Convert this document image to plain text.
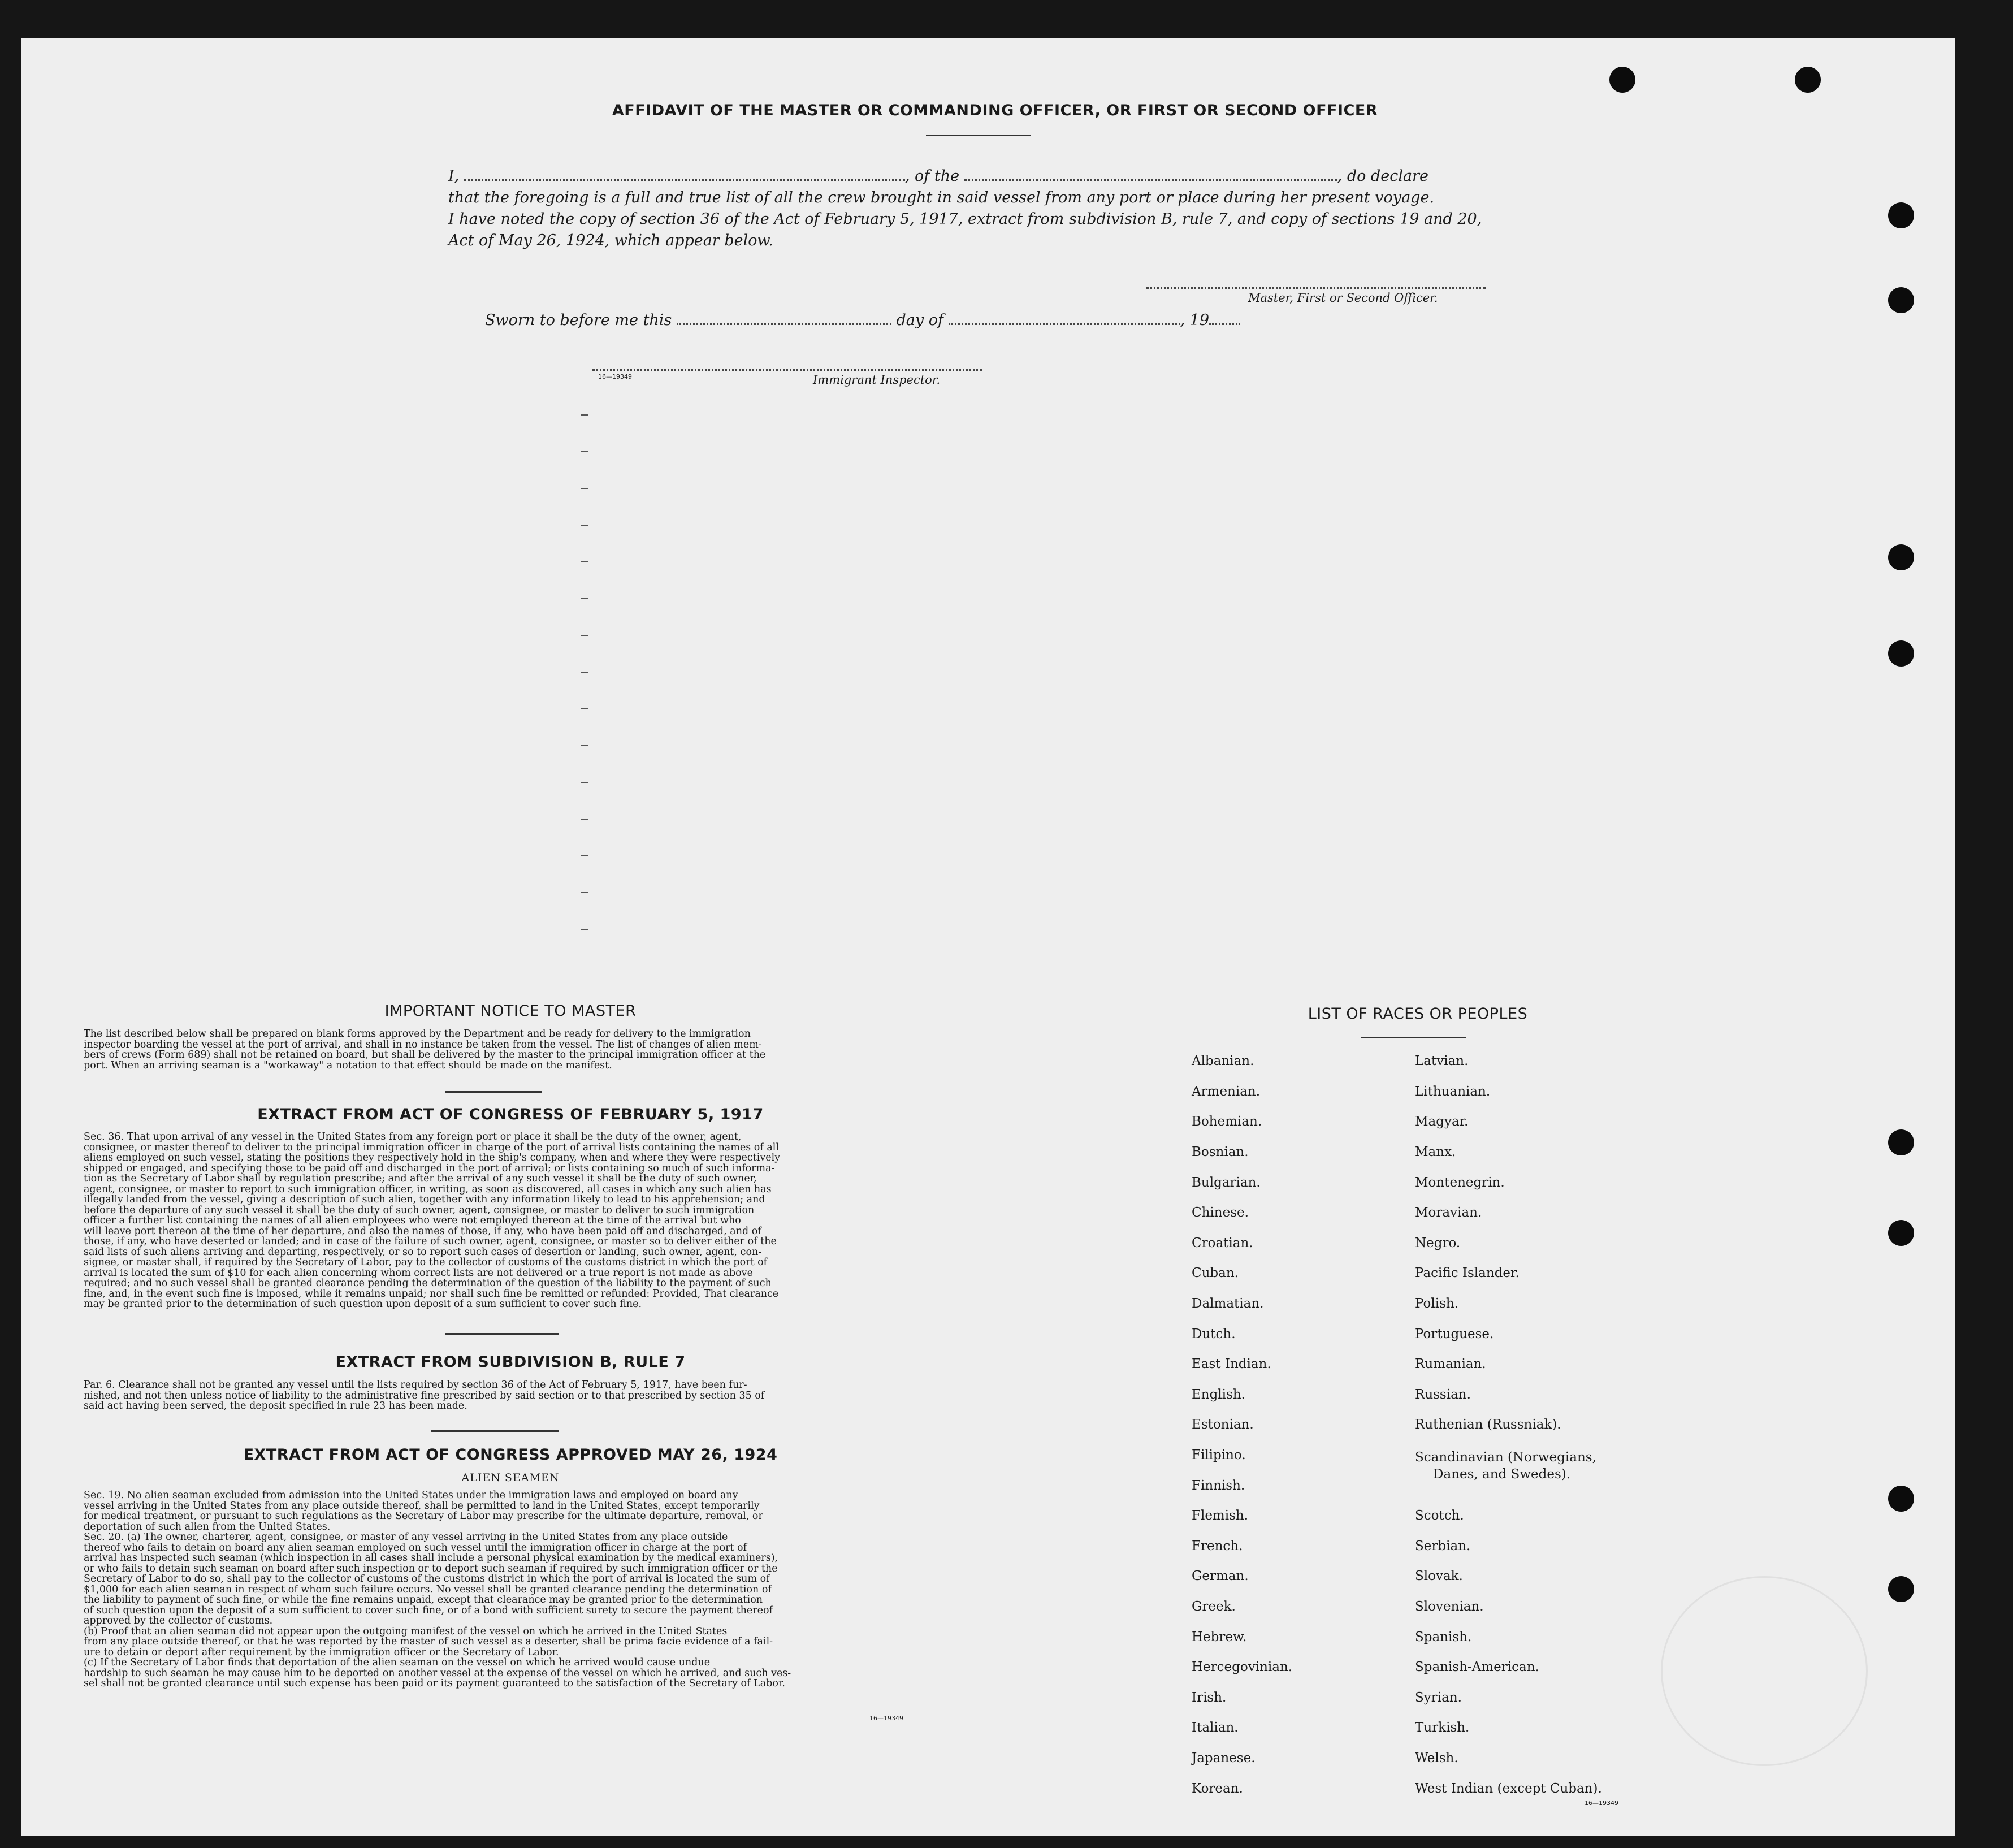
AFFIDAVIT OF THE MASTER OR COMMANDING OFFICER, OR FIRST OR SECOND OFFICER
I,	, of the	, do declare
that the foregoing is a full and true list of all the crew brought in said vessel from any port or place during her present voyage.
I have noted the copy of section 36 of the Act of February 5, 1917, extract from subdivision B, rule 7, and copy of sections 19 and 20,
Act of May 26, 1924, which appear below.
Master, First or Second Officer.
Sworn to before me this	day of	, 19
16—19349	Immigrant Inspector.
IMPORTANT NOTICE TO MASTER
The list described below shall be prepared on blank forms approved by the Department and be ready for delivery to the immigration
inspector boarding the vessel at the port of arrival, and shall in no instance be taken from the vessel. The list of changes of alien mem-
bers of crews (Form 689) shall not be retained on board, but shall be delivered by the master to the principal immigration officer at the
port. When an arriving seaman is a "workaway" a notation to that effect should be made on the manifest.
EXTRACT FROM ACT OF CONGRESS OF FEBRUARY 5, 1917
Sec. 36. That upon arrival of any vessel in the United States from any foreign port or place it shall be the duty of the owner, agent,
consignee, or master thereof to deliver to the principal immigration officer in charge of the port of arrival lists containing the names of all
aliens employed on such vessel, stating the positions they respectively hold in the ship's company, when and where they were respectively
shipped or engaged, and specifying those to be paid off and discharged in the port of arrival; or lists containing so much of such informa-
tion as the Secretary of Labor shall by regulation prescribe; and after the arrival of any such vessel it shall be the duty of such owner,
agent, consignee, or master to report to such immigration officer, in writing, as soon as discovered, all cases in which any such alien has
illegally landed from the vessel, giving a description of such alien, together with any information likely to lead to his apprehension; and
before the departure of any such vessel it shall be the duty of such owner, agent, consignee, or master to deliver to such immigration
officer a further list containing the names of all alien employees who were not employed thereon at the time of the arrival but who
will leave port thereon at the time of her departure, and also the names of those, if any, who have been paid off and discharged, and of
those, if any, who have deserted or landed; and in case of the failure of such owner, agent, consignee, or master so to deliver either of the
said lists of such aliens arriving and departing, respectively, or so to report such cases of desertion or landing, such owner, agent, con-
signee, or master shall, if required by the Secretary of Labor, pay to the collector of customs of the customs district in which the port of
arrival is located the sum of $10 for each alien concerning whom correct lists are not delivered or a true report is not made as above
required; and no such vessel shall be granted clearance pending the determination of the question of the liability to the payment of such
fine, and, in the event such fine is imposed, while it remains unpaid; nor shall such fine be remitted or refunded: Provided, That clearance
may be granted prior to the determination of such question upon deposit of a sum sufficient to cover such fine.
EXTRACT FROM SUBDIVISION B, RULE 7
Par. 6. Clearance shall not be granted any vessel until the lists required by section 36 of the Act of February 5, 1917, have been fur-
nished, and not then unless notice of liability to the administrative fine prescribed by said section or to that prescribed by section 35 of
said act having been served, the deposit specified in rule 23 has been made.
EXTRACT FROM ACT OF CONGRESS APPROVED MAY 26, 1924
ALIEN SEAMEN
Sec. 19. No alien seaman excluded from admission into the United States under the immigration laws and employed on board any
vessel arriving in the United States from any place outside thereof, shall be permitted to land in the United States, except temporarily
for medical treatment, or pursuant to such regulations as the Secretary of Labor may prescribe for the ultimate departure, removal, or
deportation of such alien from the United States.
Sec. 20. (a) The owner, charterer, agent, consignee, or master of any vessel arriving in the United States from any place outside
thereof who fails to detain on board any alien seaman employed on such vessel until the immigration officer in charge at the port of
arrival has inspected such seaman (which inspection in all cases shall include a personal physical examination by the medical examiners),
or who fails to detain such seaman on board after such inspection or to deport such seaman if required by such immigration officer or the
Secretary of Labor to do so, shall pay to the collector of customs of the customs district in which the port of arrival is located the sum of
$1,000 for each alien seaman in respect of whom such failure occurs. No vessel shall be granted clearance pending the determination of
the liability to payment of such fine, or while the fine remains unpaid, except that clearance may be granted prior to the determination
of such question upon the deposit of a sum sufficient to cover such fine, or of a bond with sufficient surety to secure the payment thereof
approved by the collector of customs.
(b) Proof that an alien seaman did not appear upon the outgoing manifest of the vessel on which he arrived in the United States
from any place outside thereof, or that he was reported by the master of such vessel as a deserter, shall be prima facie evidence of a fail-
ure to detain or deport after requirement by the immigration officer or the Secretary of Labor.
(c) If the Secretary of Labor finds that deportation of the alien seaman on the vessel on which he arrived would cause undue
hardship to such seaman he may cause him to be deported on another vessel at the expense of the vessel on which he arrived, and such ves-
sel shall not be granted clearance until such expense has been paid or its payment guaranteed to the satisfaction of the Secretary of Labor.
16—19349
LIST OF RACES OR PEOPLES
Albanian.
Armenian.
Bohemian.
Bosnian.
Bulgarian.
Chinese.
Croatian.
Cuban.
Dalmatian.
Dutch.
East Indian.
English.
Estonian.
Filipino.
Finnish.
Flemish.
French.
German.
Greek.
Hebrew.
Hercegovinian.
Irish.
Italian.
Japanese.
Korean.
Latvian.
Lithuanian.
Magyar.
Manx.
Montenegrin.
Moravian.
Negro.
Pacific Islander.
Polish.
Portuguese.
Rumanian.
Russian.
Ruthenian (Russniak).
Scandinavian (Norwegians,
Danes, and Swedes).
Scotch.
Serbian.
Slovak.
Slovenian.
Spanish.
Spanish-American.
Syrian.
Turkish.
Welsh.
West Indian (except Cuban).
16—19349
